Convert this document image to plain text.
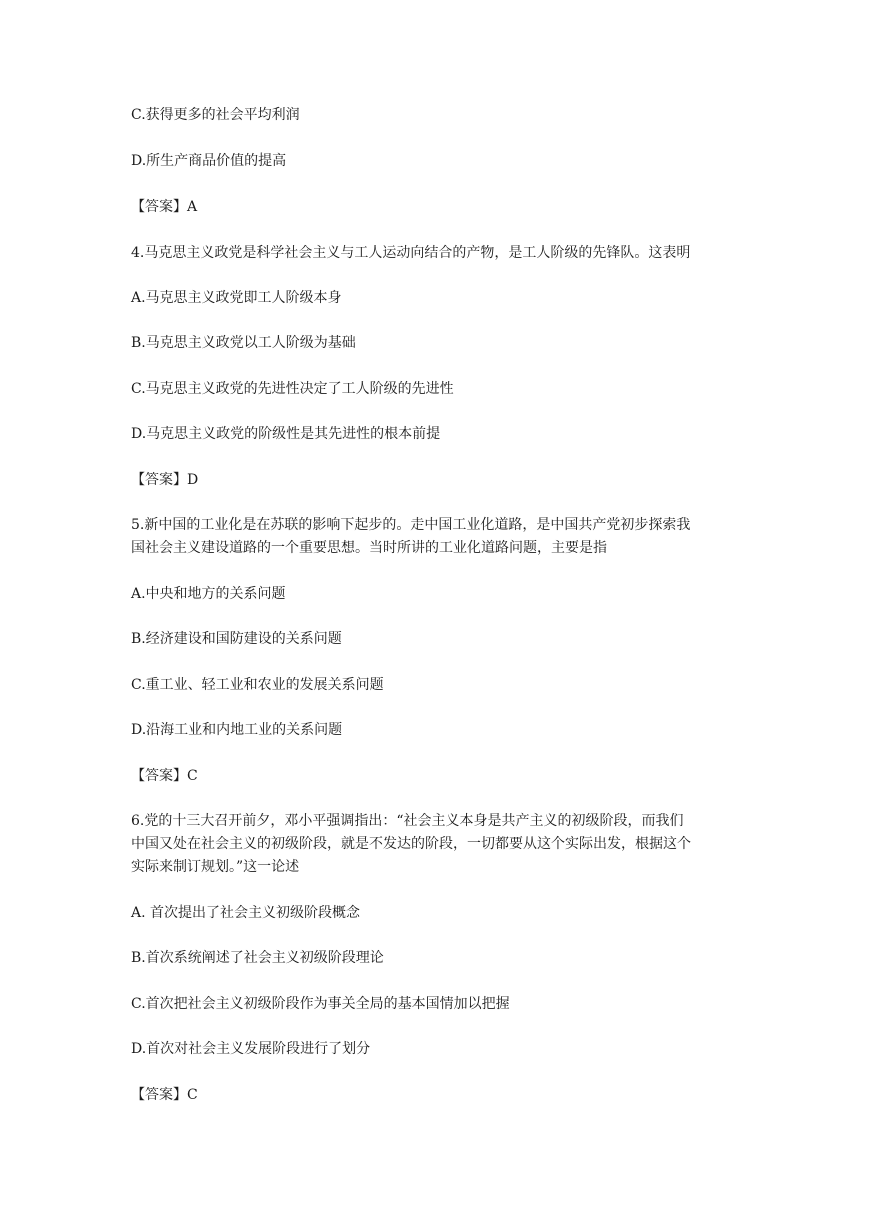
C.获得更多的社会平均利润
D.所生产商品价值的提高
【答案】A
4.马克思主义政党是科学社会主义与工人运动向结合的产物，是工人阶级的先锋队。这表明
A.马克思主义政党即工人阶级本身
B.马克思主义政党以工人阶级为基础
C.马克思主义政党的先进性决定了工人阶级的先进性
D.马克思主义政党的阶级性是其先进性的根本前提
【答案】D
5.新中国的工业化是在苏联的影响下起步的。走中国工业化道路，是中国共产党初步探索我
国社会主义建设道路的一个重要思想。当时所讲的工业化道路问题，主要是指
A.中央和地方的关系问题
B.经济建设和国防建设的关系问题
C.重工业、轻工业和农业的发展关系问题
D.沿海工业和内地工业的关系问题
【答案】C
6.党的十三大召开前夕，邓小平强调指出：“社会主义本身是共产主义的初级阶段，而我们
中国又处在社会主义的初级阶段，就是不发达的阶段，一切都要从这个实际出发，根据这个
实际来制订规划。”这一论述
A. 首次提出了社会主义初级阶段概念
B.首次系统阐述了社会主义初级阶段理论
C.首次把社会主义初级阶段作为事关全局的基本国情加以把握
D.首次对社会主义发展阶段进行了划分
【答案】C
